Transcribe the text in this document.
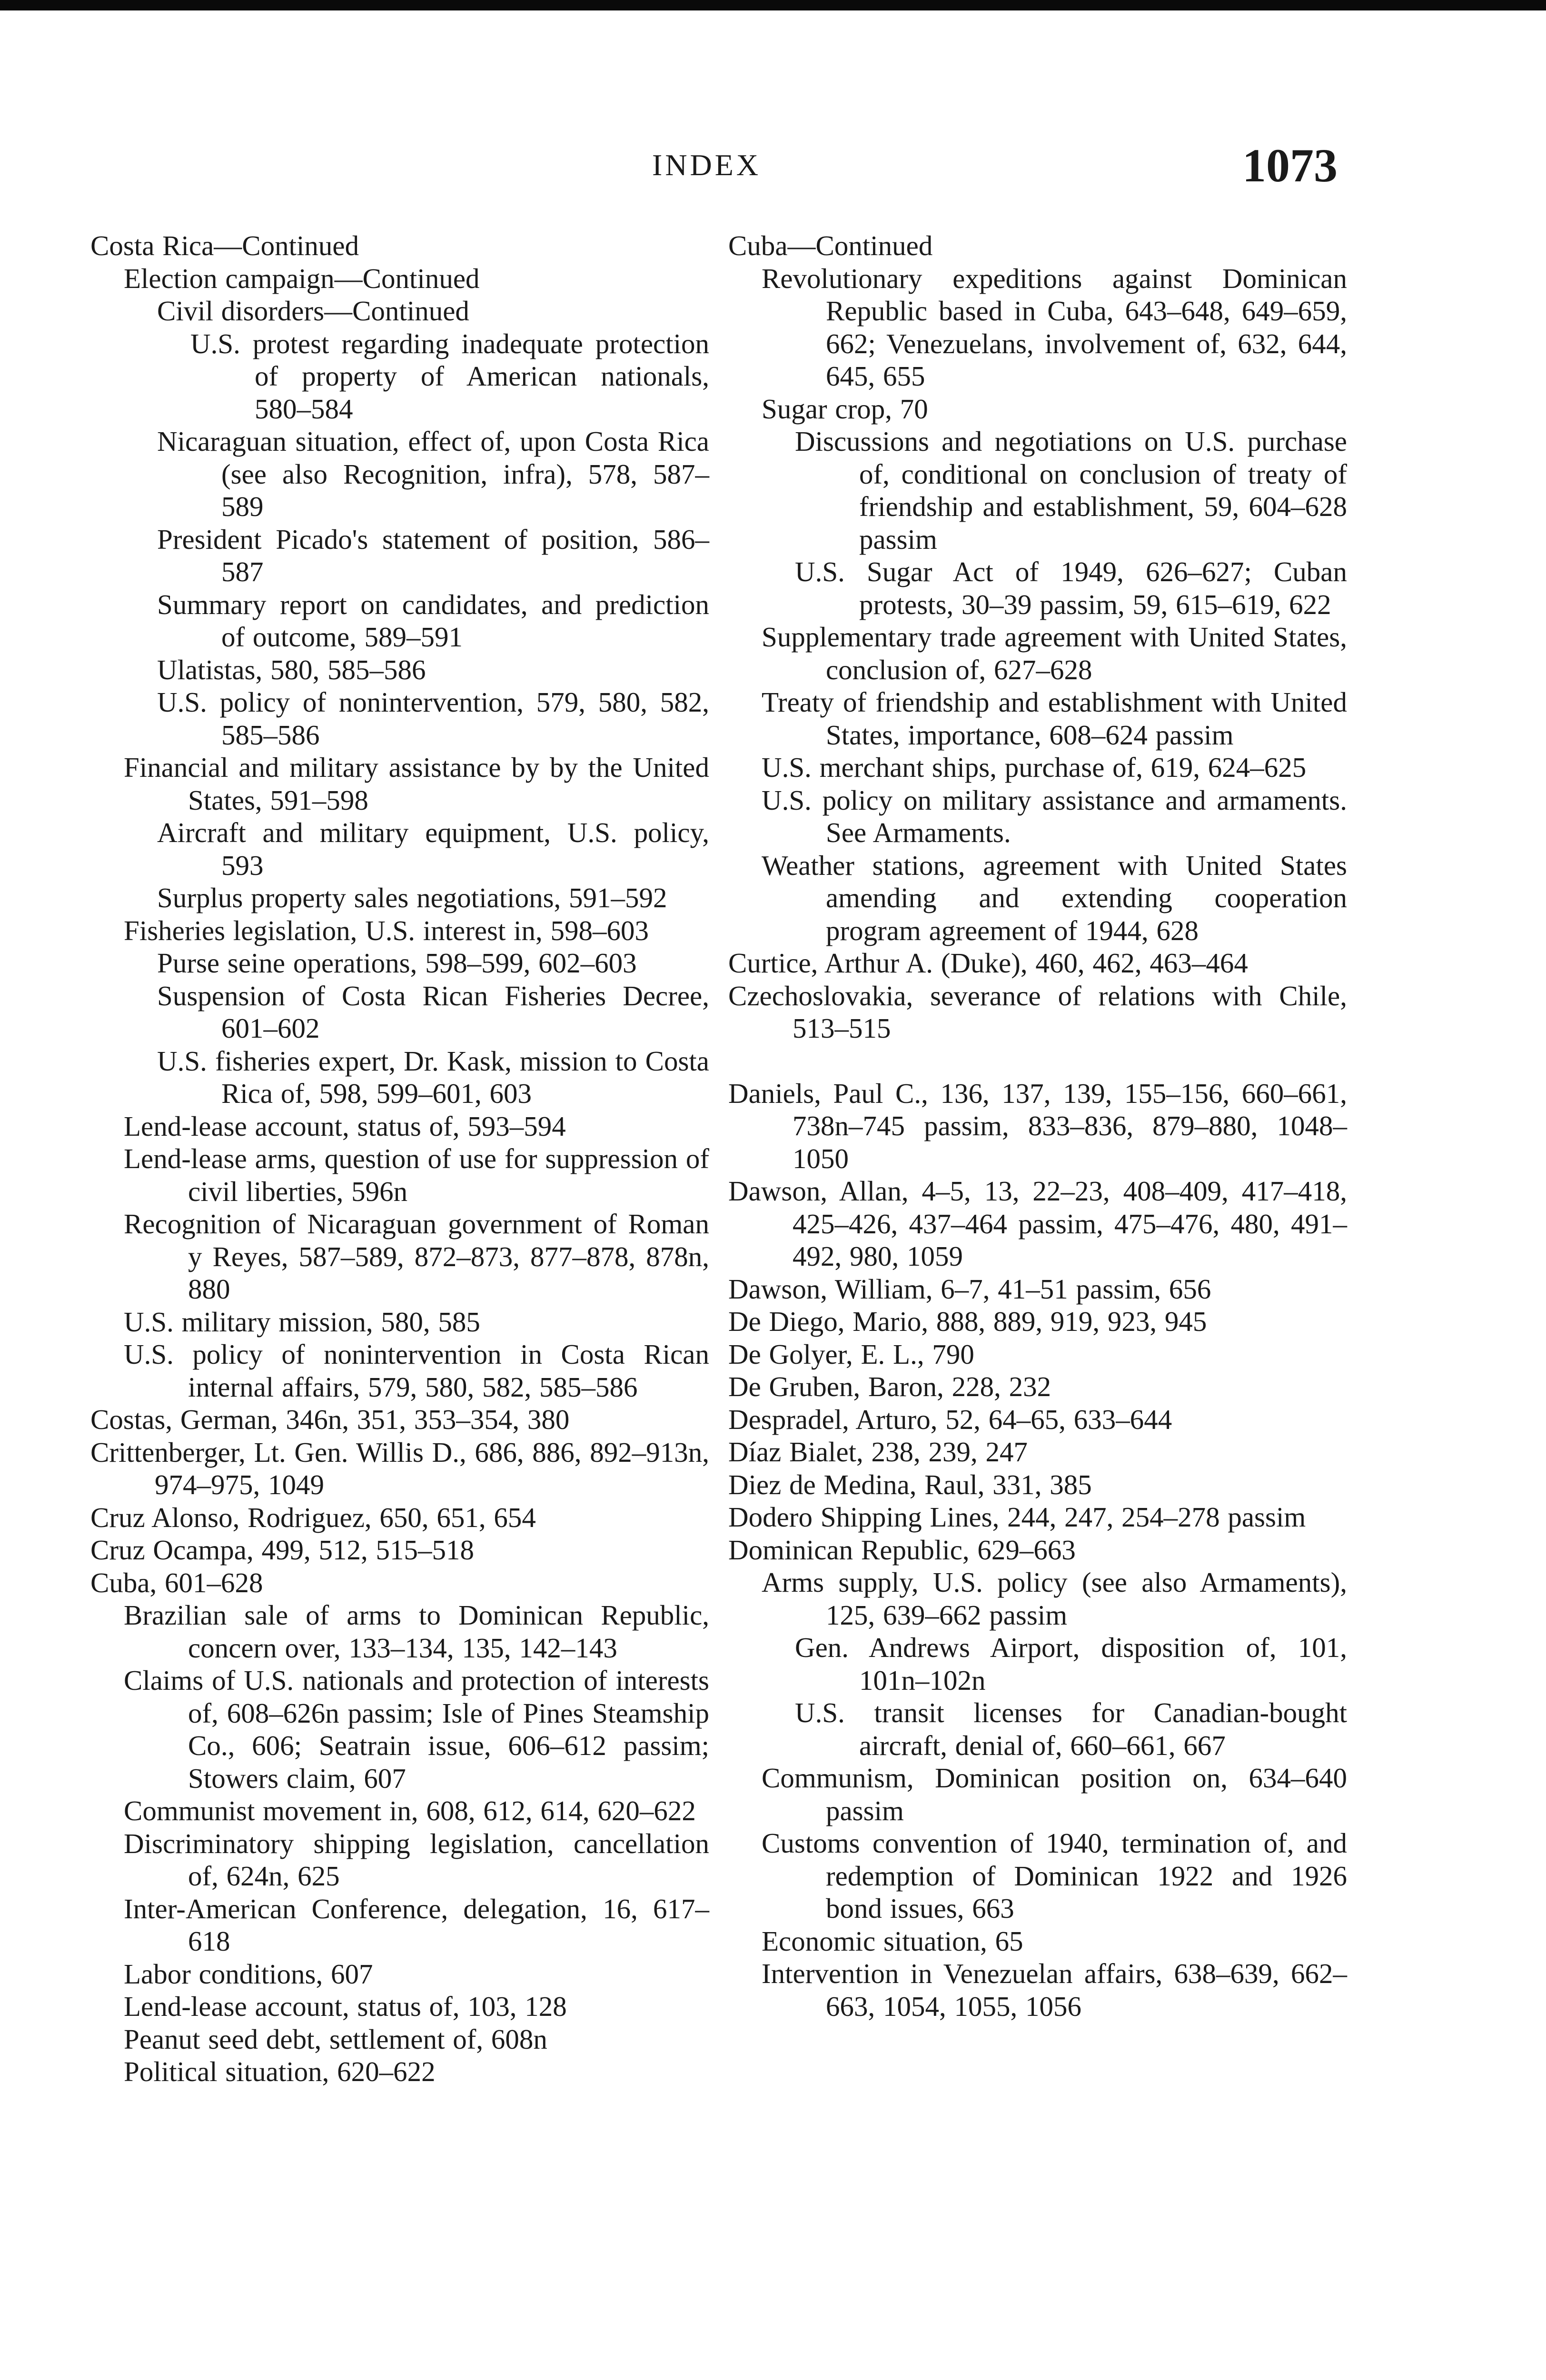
INDEX	1073
Costa Rica—Continued
Election campaign—Continued
Civil disorders—Continued
U.S. protest regarding inadequate protection of property of American nationals, 580–584
Nicaraguan situation, effect of, upon Costa Rica (see also Recognition, infra), 578, 587–589
President Picado's statement of position, 586–587
Summary report on candidates, and prediction of outcome, 589–591
Ulatistas, 580, 585–586
U.S. policy of nonintervention, 579, 580, 582, 585–586
Financial and military assistance by by the United States, 591–598
Aircraft and military equipment, U.S. policy, 593
Surplus property sales negotiations, 591–592
Fisheries legislation, U.S. interest in, 598–603
Purse seine operations, 598–599, 602–603
Suspension of Costa Rican Fisheries Decree, 601–602
U.S. fisheries expert, Dr. Kask, mission to Costa Rica of, 598, 599–601, 603
Lend-lease account, status of, 593–594
Lend-lease arms, question of use for suppression of civil liberties, 596n
Recognition of Nicaraguan government of Roman y Reyes, 587–589, 872–873, 877–878, 878n, 880
U.S. military mission, 580, 585
U.S. policy of nonintervention in Costa Rican internal affairs, 579, 580, 582, 585–586
Costas, German, 346n, 351, 353–354, 380
Crittenberger, Lt. Gen. Willis D., 686, 886, 892–913n, 974–975, 1049
Cruz Alonso, Rodriguez, 650, 651, 654
Cruz Ocampa, 499, 512, 515–518
Cuba, 601–628
Brazilian sale of arms to Dominican Republic, concern over, 133–134, 135, 142–143
Claims of U.S. nationals and protection of interests of, 608–626n passim; Isle of Pines Steamship Co., 606; Seatrain issue, 606–612 passim; Stowers claim, 607
Communist movement in, 608, 612, 614, 620–622
Discriminatory shipping legislation, cancellation of, 624n, 625
Inter-American Conference, delegation, 16, 617–618
Labor conditions, 607
Lend-lease account, status of, 103, 128
Peanut seed debt, settlement of, 608n
Political situation, 620–622
Cuba—Continued
Revolutionary expeditions against Dominican Republic based in Cuba, 643–648, 649–659, 662; Venezuelans, involvement of, 632, 644, 645, 655
Sugar crop, 70
Discussions and negotiations on U.S. purchase of, conditional on conclusion of treaty of friendship and establishment, 59, 604–628 passim
U.S. Sugar Act of 1949, 626–627; Cuban protests, 30–39 passim, 59, 615–619, 622
Supplementary trade agreement with United States, conclusion of, 627–628
Treaty of friendship and establishment with United States, importance, 608–624 passim
U.S. merchant ships, purchase of, 619, 624–625
U.S. policy on military assistance and armaments. See Armaments.
Weather stations, agreement with United States amending and extending cooperation program agreement of 1944, 628
Curtice, Arthur A. (Duke), 460, 462, 463–464
Czechoslovakia, severance of relations with Chile, 513–515
Daniels, Paul C., 136, 137, 139, 155–156, 660–661, 738n–745 passim, 833–836, 879–880, 1048–1050
Dawson, Allan, 4–5, 13, 22–23, 408–409, 417–418, 425–426, 437–464 passim, 475–476, 480, 491–492, 980, 1059
Dawson, William, 6–7, 41–51 passim, 656
De Diego, Mario, 888, 889, 919, 923, 945
De Golyer, E. L., 790
De Gruben, Baron, 228, 232
Despradel, Arturo, 52, 64–65, 633–644
Díaz Bialet, 238, 239, 247
Diez de Medina, Raul, 331, 385
Dodero Shipping Lines, 244, 247, 254–278 passim
Dominican Republic, 629–663
Arms supply, U.S. policy (see also Armaments), 125, 639–662 passim
Gen. Andrews Airport, disposition of, 101, 101n–102n
U.S. transit licenses for Canadian-bought aircraft, denial of, 660–661, 667
Communism, Dominican position on, 634–640 passim
Customs convention of 1940, termination of, and redemption of Dominican 1922 and 1926 bond issues, 663
Economic situation, 65
Intervention in Venezuelan affairs, 638–639, 662–663, 1054, 1055, 1056
